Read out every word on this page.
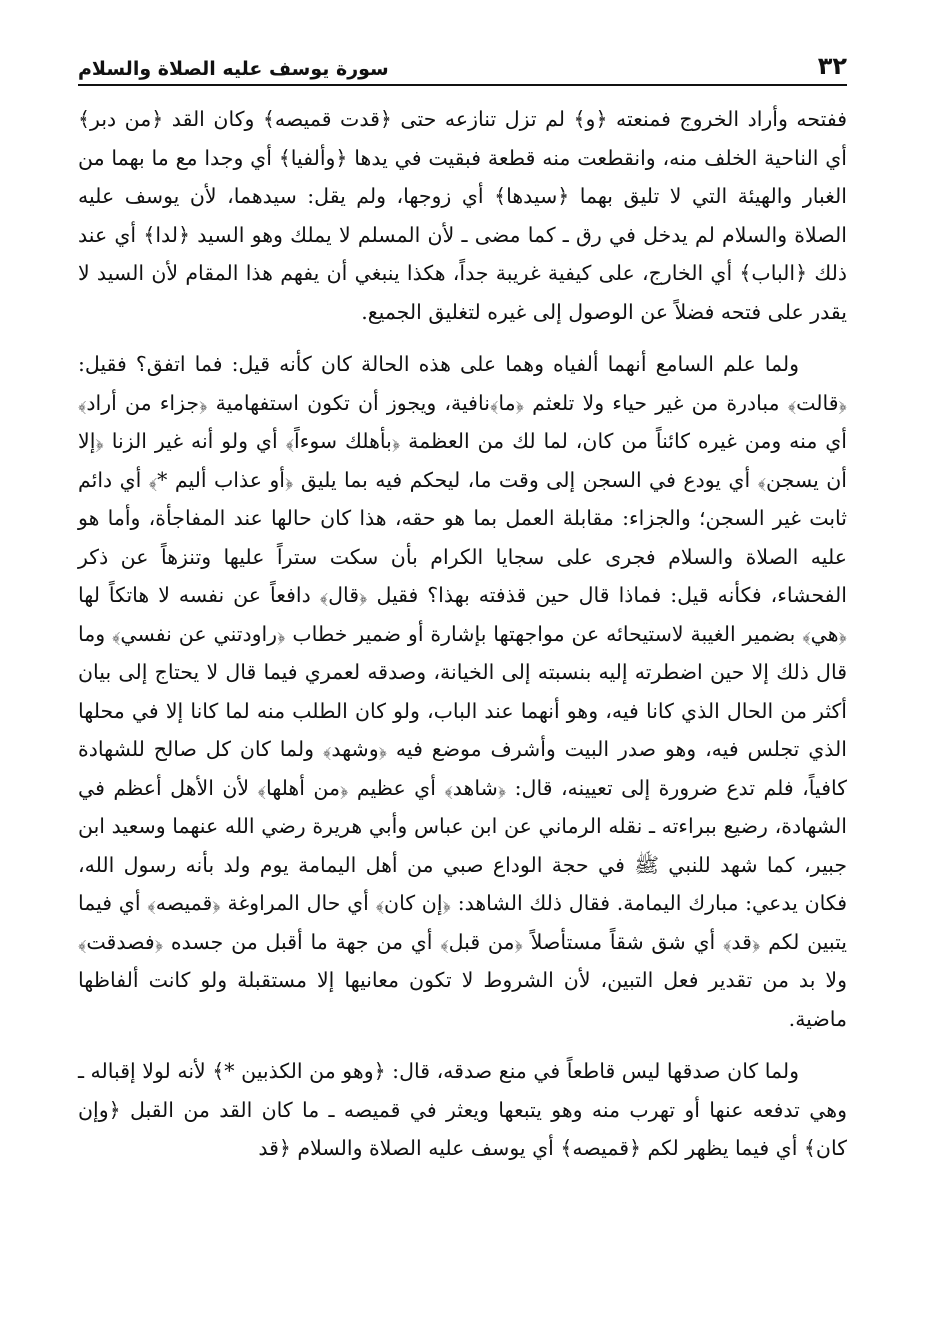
٣٢
سورة يوسف عليه الصلاة والسلام

ففتحه وأراد الخروج فمنعته ﴿و﴾ لم تزل تنازعه حتى ﴿قدت قميصه﴾ وكان القد ﴿من دبر﴾ أي الناحية الخلف منه، وانقطعت منه قطعة فبقيت في يدها ﴿وألفيا﴾ أي وجدا مع ما بهما من الغبار والهيئة التي لا تليق بهما ﴿سيدها﴾ أي زوجها، ولم يقل: سيدهما، لأن يوسف عليه الصلاة والسلام لم يدخل في رق ـ كما مضى ـ لأن المسلم لا يملك وهو السيد ﴿لدا﴾ أي عند ذلك ﴿الباب﴾ أي الخارج، على كيفية غريبة جداً، هكذا ينبغي أن يفهم هذا المقام لأن السيد لا يقدر على فتحه فضلاً عن الوصول إلى غيره لتغليق الجميع.

ولما علم السامع أنهما ألفياه وهما على هذه الحالة كان كأنه قيل: فما اتفق؟ فقيل: ﴿قالت﴾ مبادرة من غير حياء ولا تلعثم ﴿ما﴾نافية، ويجوز أن تكون استفهامية ﴿جزاء من أراد﴾ أي منه ومن غيره كائناً من كان، لما لك من العظمة ﴿بأهلك سوءاً﴾ أي ولو أنه غير الزنا ﴿إلا أن يسجن﴾ أي يودع في السجن إلى وقت ما، ليحكم فيه بما يليق ﴿أو عذاب أليم *﴾ أي دائم ثابت غير السجن؛ والجزاء: مقابلة العمل بما هو حقه، هذا كان حالها عند المفاجأة، وأما هو عليه الصلاة والسلام فجرى على سجايا الكرام بأن سكت ستراً عليها وتنزهاً عن ذكر الفحشاء، فكأنه قيل: فماذا قال حين قذفته بهذا؟ فقيل ﴿قال﴾ دافعاً عن نفسه لا هاتكاً لها ﴿هي﴾ بضمير الغيبة لاستيحائه عن مواجهتها بإشارة أو ضمير خطاب ﴿راودتني عن نفسي﴾ وما قال ذلك إلا حين اضطرته إليه بنسبته إلى الخيانة، وصدقه لعمري فيما قال لا يحتاج إلى بيان أكثر من الحال الذي كانا فيه، وهو أنهما عند الباب، ولو كان الطلب منه لما كانا إلا في محلها الذي تجلس فيه، وهو صدر البيت وأشرف موضع فيه ﴿وشهد﴾ ولما كان كل صالح للشهادة كافياً، فلم تدع ضرورة إلى تعيينه، قال: ﴿شاهد﴾ أي عظيم ﴿من أهلها﴾ لأن الأهل أعظم في الشهادة، رضيع ببراءته ـ نقله الرماني عن ابن عباس وأبي هريرة رضي الله عنهما وسعيد ابن جبير، كما شهد للنبي ﷺ في حجة الوداع صبي من أهل اليمامة يوم ولد بأنه رسول الله، فكان يدعي: مبارك اليمامة. فقال ذلك الشاهد: ﴿إن كان﴾ أي حال المراوغة ﴿قميصه﴾ أي فيما يتبين لكم ﴿قد﴾ أي شق شقاً مستأصلاً ﴿من قبل﴾ أي من جهة ما أقبل من جسده ﴿فصدقت﴾ ولا بد من تقدير فعل التبين، لأن الشروط لا تكون معانيها إلا مستقبلة ولو كانت ألفاظها ماضية.

ولما كان صدقها ليس قاطعاً في منع صدقه، قال: ﴿وهو من الكذبين *﴾ لأنه لولا إقباله ـ وهي تدفعه عنها أو تهرب منه وهو يتبعها ويعثر في قميصه ـ ما كان القد من القبل ﴿وإن كان﴾ أي فيما يظهر لكم ﴿قميصه﴾ أي يوسف عليه الصلاة والسلام ﴿قد
